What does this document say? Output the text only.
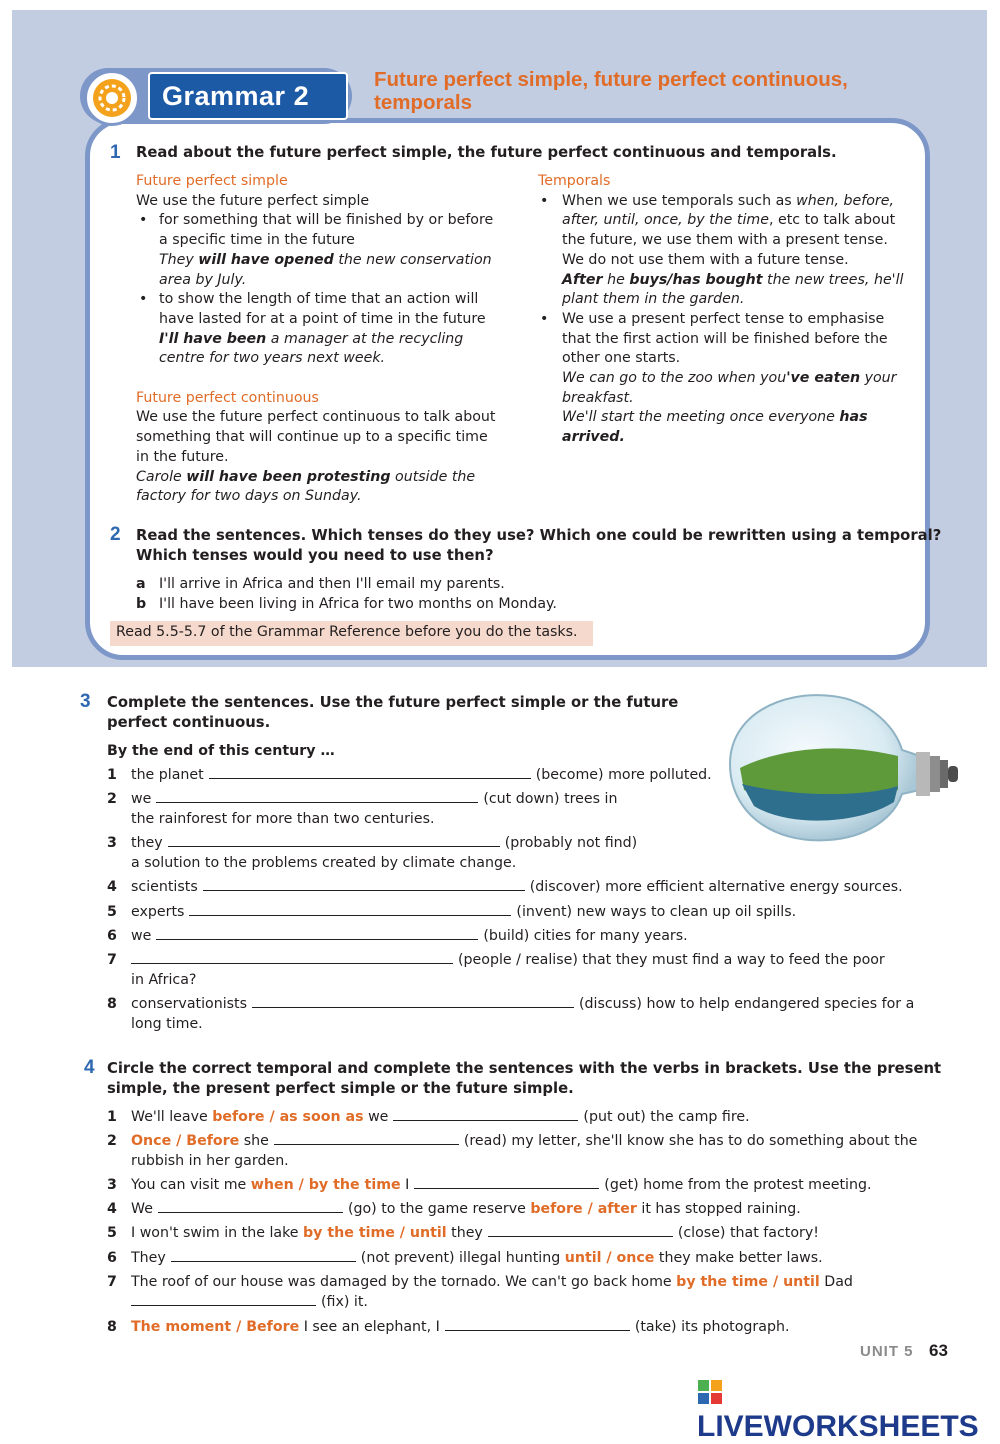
Grammar 2
Future perfect simple, future perfect continuous,
temporals
1 Read about the future perfect simple, the future perfect continuous and temporals.
Future perfect simple
We use the future perfect simple
• for something that will be finished by or before
a specific time in the future
They will have opened the new conservation
area by July.
• to show the length of time that an action will
have lasted for at a point of time in the future
I'll have been a manager at the recycling
centre for two years next week.
Future perfect continuous
We use the future perfect continuous to talk about
something that will continue up to a specific time
in the future.
Carole will have been protesting outside the
factory for two days on Sunday.
Temporals
• When we use temporals such as when, before,
after, until, once, by the time, etc to talk about
the future, we use them with a present tense.
We do not use them with a future tense.
After he buys/has bought the new trees, he'll
plant them in the garden.
• We use a present perfect tense to emphasise
that the first action will be finished before the
other one starts.
We can go to the zoo when you've eaten your
breakfast.
We'll start the meeting once everyone has
arrived.
2 Read the sentences. Which tenses do they use? Which one could be rewritten using a temporal?
Which tenses would you need to use then?
a I'll arrive in Africa and then I'll email my parents.
b I'll have been living in Africa for two months on Monday.
Read 5.5-5.7 of the Grammar Reference before you do the tasks.
3 Complete the sentences. Use the future perfect simple or the future
perfect continuous.
By the end of this century …
1 the planet	(become) more polluted.
2 we	(cut down) trees in
the rainforest for more than two centuries.
3 they	(probably not find)
a solution to the problems created by climate change.
4 scientists	(discover) more efficient alternative energy sources.
5 experts	(invent) new ways to clean up oil spills.
6 we	(build) cities for many years.
7	(people / realise) that they must find a way to feed the poor
in Africa?
8 conservationists	(discuss) how to help endangered species for a
long time.
4 Circle the correct temporal and complete the sentences with the verbs in brackets. Use the present
simple, the present perfect simple or the future simple.
1 We'll leave before / as soon as we	(put out) the camp fire.
2 Once / Before she	(read) my letter, she'll know she has to do something about the
rubbish in her garden.
3 You can visit me when / by the time I	(get) home from the protest meeting.
4 We	(go) to the game reserve before / after it has stopped raining.
5 I won't swim in the lake by the time / until they	(close) that factory!
6 They	(not prevent) illegal hunting until / once they make better laws.
7 The roof of our house was damaged by the tornado. We can't go back home by the time / until Dad
(fix) it.
8 The moment / Before I see an elephant, I	(take) its photograph.
UNIT 5 63
LIVEWORKSHEETS
